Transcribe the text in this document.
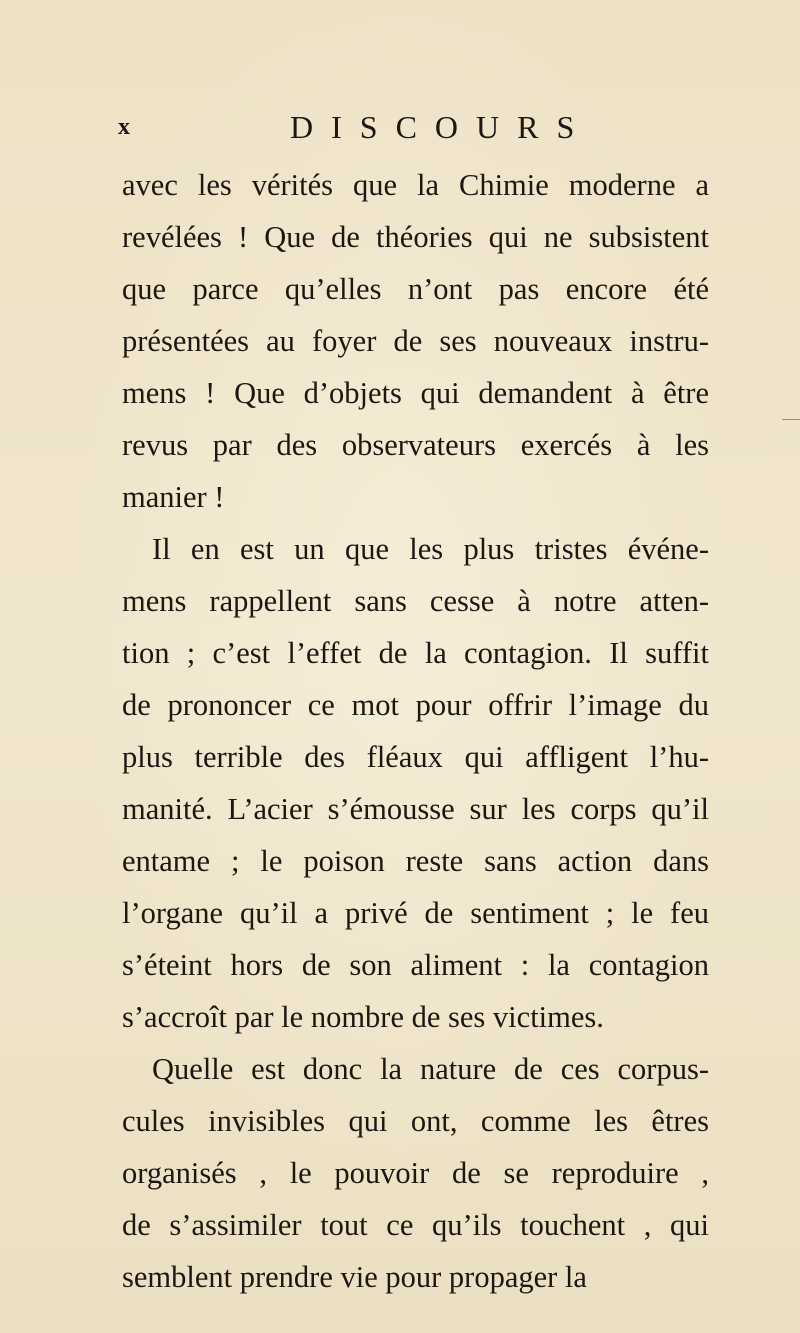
x	DISCOURS
avec les vérités que la Chimie moderne a
revélées ! Que de théories qui ne subsistent
que parce qu’elles n’ont pas encore été
présentées au foyer de ses nouveaux instru-
mens ! Que d’objets qui demandent à être
revus par des observateurs exercés à les
manier !
Il en est un que les plus tristes événe-
mens rappellent sans cesse à notre atten-
tion ; c’est l’effet de la contagion. Il suffit
de prononcer ce mot pour offrir l’image du
plus terrible des fléaux qui affligent l’hu-
manité. L’acier s’émousse sur les corps qu’il
entame ; le poison reste sans action dans
l’organe qu’il a privé de sentiment ; le feu
s’éteint hors de son aliment : la contagion
s’accroît par le nombre de ses victimes.
Quelle est donc la nature de ces corpus-
cules invisibles qui ont, comme les êtres
organisés , le pouvoir de se reproduire ,
de s’assimiler tout ce qu’ils touchent , qui
semblent prendre vie pour propager la
